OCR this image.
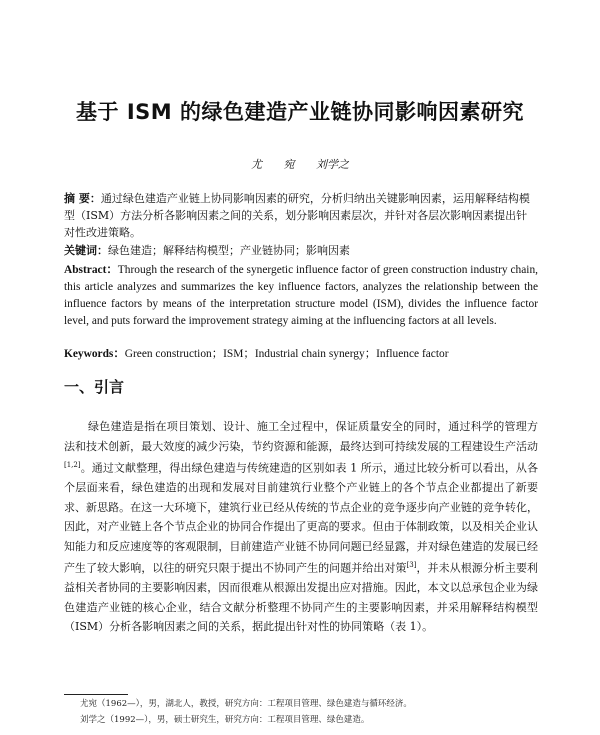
基于 ISM 的绿色建造产业链协同影响因素研究
尤 宛 刘学之
摘 要：通过绿色建造产业链上协同影响因素的研究，分析归纳出关键影响因素，运用解释结构模型（ISM）方法分析各影响因素之间的关系，划分影响因素层次，并针对各层次影响因素提出针对性改进策略。
关键词：绿色建造；解释结构模型；产业链协同；影响因素
Abstract：Through the research of the synergetic influence factor of green construction industry chain, this article analyzes and summarizes the key influence factors, analyzes the relationship between the influence factors by means of the interpretation structure model (ISM), divides the influence factor level, and puts forward the improvement strategy aiming at the influencing factors at all levels.
Keywords：Green construction；ISM；Industrial chain synergy；Influence factor
一、引言

绿色建造是指在项目策划、设计、施工全过程中，保证质量安全的同时，通过科学的管理方法和技术创新，最大效度的减少污染，节约资源和能源，最终达到可持续发展的工程建设生产活动[1,2]。通过文献整理，得出绿色建造与传统建造的区别如表 1 所示，通过比较分析可以看出，从各个层面来看，绿色建造的出现和发展对目前建筑行业整个产业链上的各个节点企业都提出了新要求、新思路。在这一大环境下，建筑行业已经从传统的节点企业的竞争逐步向产业链的竞争转化，因此，对产业链上各个节点企业的协同合作提出了更高的要求。但由于体制政策，以及相关企业认知能力和反应速度等的客观限制，目前建造产业链不协同问题已经显露，并对绿色建造的发展已经产生了较大影响，以往的研究只限于提出不协同产生的问题并给出对策[3]，并未从根源分析主要利益相关者协同的主要影响因素，因而很难从根源出发提出应对措施。因此，本文以总承包企业为绿色建造产业链的核心企业，结合文献分析整理不协同产生的主要影响因素，并采用解释结构模型（ISM）分析各影响因素之间的关系，据此提出针对性的协同策略（表 1）。

尤宛（1962—），男，湖北人，教授，研究方向：工程项目管理、绿色建造与循环经济。
刘学之（1992—），男，硕士研究生，研究方向：工程项目管理、绿色建造。
